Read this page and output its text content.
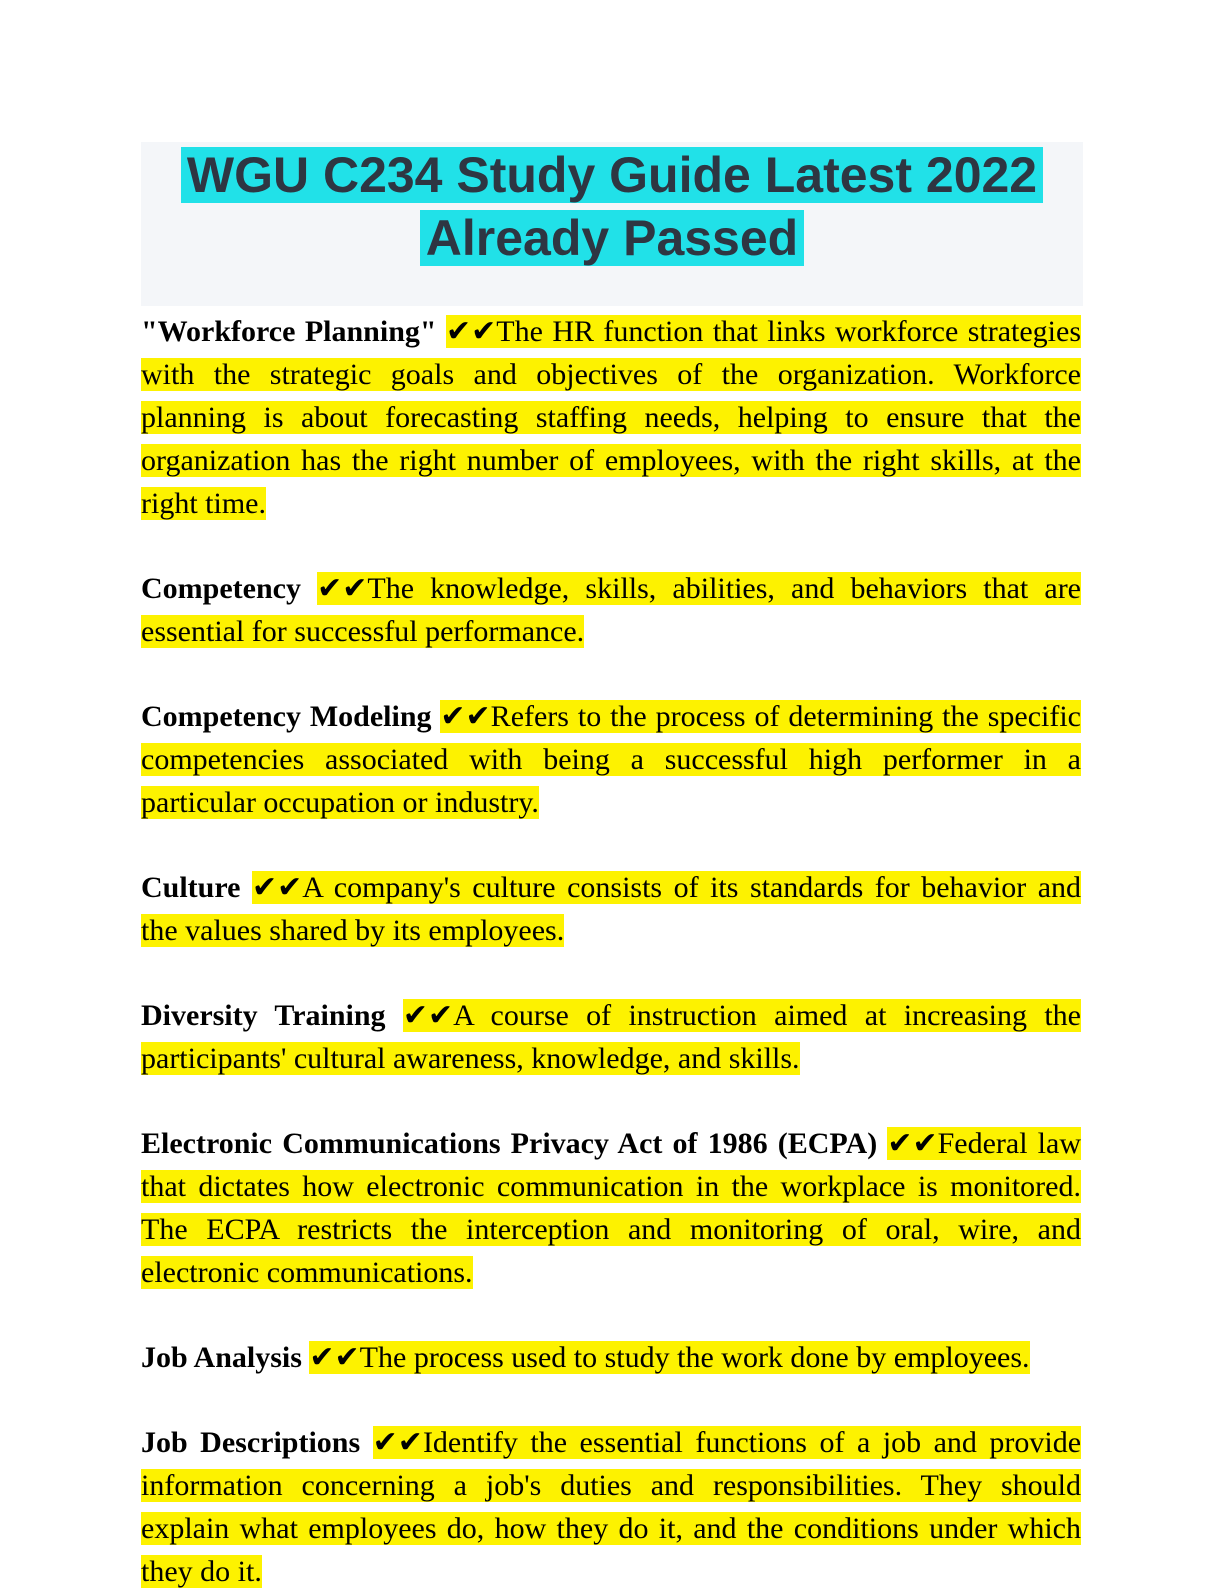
WGU C234 Study Guide Latest 2022
Already Passed

"Workforce Planning" ✔✔The HR function that links workforce strategies with the strategic goals and objectives of the organization. Workforce planning is about forecasting staffing needs, helping to ensure that the organization has the right number of employees, with the right skills, at the right time.

Competency ✔✔The knowledge, skills, abilities, and behaviors that are essential for successful performance.

Competency Modeling ✔✔Refers to the process of determining the specific competencies associated with being a successful high performer in a particular occupation or industry.

Culture ✔✔A company's culture consists of its standards for behavior and the values shared by its employees.

Diversity Training ✔✔A course of instruction aimed at increasing the participants' cultural awareness, knowledge, and skills.

Electronic Communications Privacy Act of 1986 (ECPA) ✔✔Federal law that dictates how electronic communication in the workplace is monitored. The ECPA restricts the interception and monitoring of oral, wire, and electronic communications.

Job Analysis ✔✔The process used to study the work done by employees.

Job Descriptions ✔✔Identify the essential functions of a job and provide information concerning a job's duties and responsibilities. They should explain what employees do, how they do it, and the conditions under which they do it.
